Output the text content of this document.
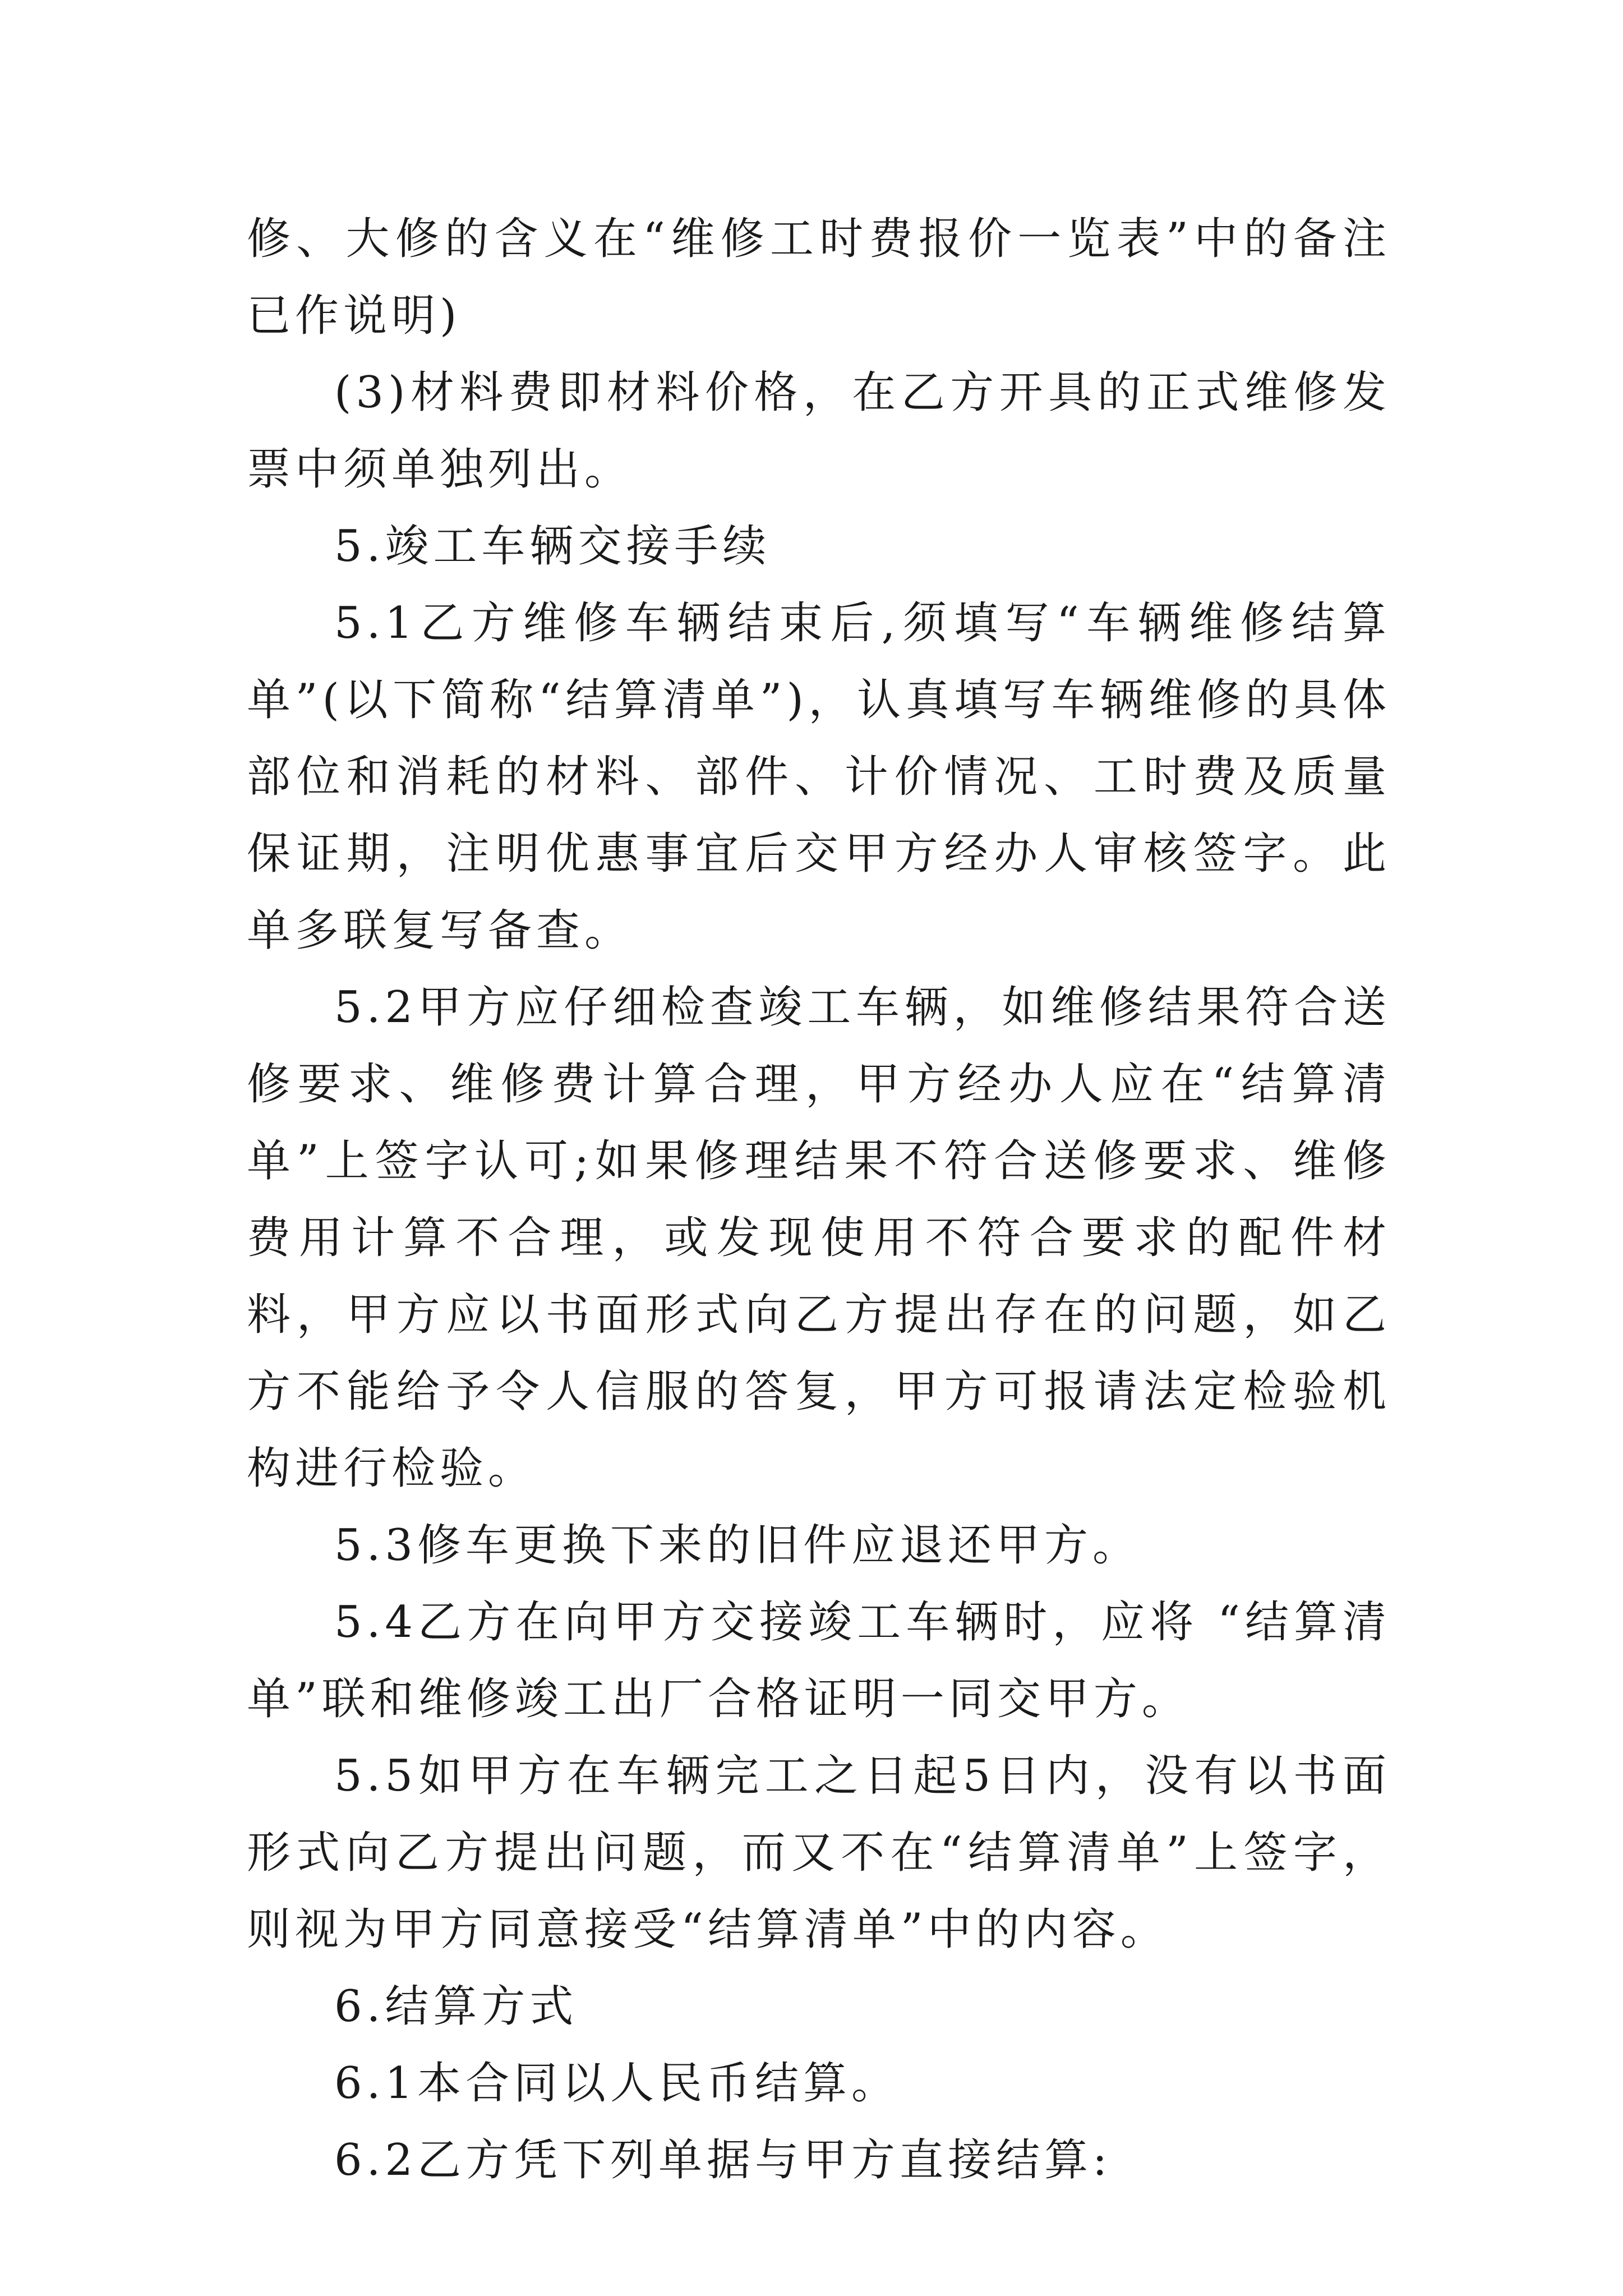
修、大修的含义在“维修工时费报价一览表”中的备注已作说明)

(3)材料费即材料价格，在乙方开具的正式维修发票中须单独列出。

5.竣工车辆交接手续

5.1乙方维修车辆结束后,须填写“车辆维修结算单”(以下简称“结算清单”)，认真填写车辆维修的具体部位和消耗的材料、部件、计价情况、工时费及质量保证期，注明优惠事宜后交甲方经办人审核签字。此单多联复写备查。

5.2甲方应仔细检查竣工车辆，如维修结果符合送修要求、维修费计算合理，甲方经办人应在“结算清单”上签字认可;如果修理结果不符合送修要求、维修费用计算不合理，或发现使用不符合要求的配件材料，甲方应以书面形式向乙方提出存在的问题，如乙方不能给予令人信服的答复，甲方可报请法定检验机构进行检验。

5.3修车更换下来的旧件应退还甲方。

5.4乙方在向甲方交接竣工车辆时，应将 “结算清单”联和维修竣工出厂合格证明一同交甲方。

5.5如甲方在车辆完工之日起5日内，没有以书面形式向乙方提出问题，而又不在“结算清单”上签字，则视为甲方同意接受“结算清单”中的内容。

6.结算方式

6.1本合同以人民币结算。

6.2乙方凭下列单据与甲方直接结算:
